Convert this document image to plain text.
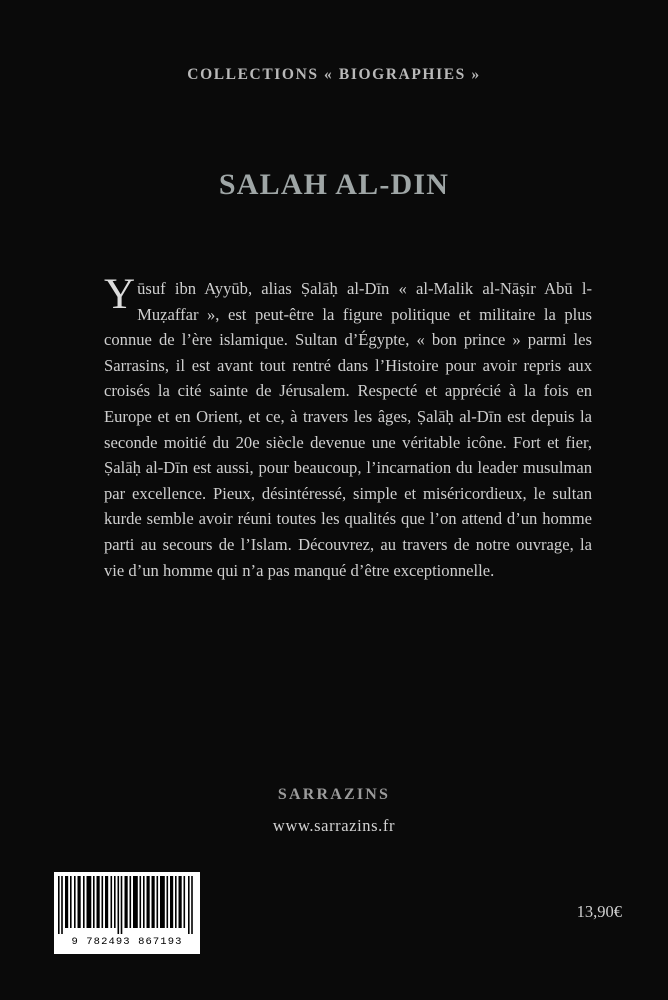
COLLECTIONS « BIOGRAPHIES »
SALAH AL-DIN
Yūsuf ibn Ayyūb, alias Ṣalāḥ al-Dīn « al-Malik al-Nāṣir Abū l-Muẓaffar », est peut-être la figure politique et militaire la plus connue de l’ère islamique. Sultan d’Égypte, « bon prince » parmi les Sarrasins, il est avant tout rentré dans l’Histoire pour avoir repris aux croisés la cité sainte de Jérusalem. Respecté et apprécié à la fois en Europe et en Orient, et ce, à travers les âges, Ṣalāḥ al-Dīn est depuis la seconde moitié du 20e siècle devenue une véritable icône. Fort et fier, Ṣalāḥ al-Dīn est aussi, pour beaucoup, l’incarnation du leader musulman par excellence. Pieux, désintéressé, simple et miséricordieux, le sultan kurde semble avoir réuni toutes les qualités que l’on attend d’un homme parti au secours de l’Islam. Découvrez, au travers de notre ouvrage, la vie d’un homme qui n’a pas manqué d’être exceptionnelle.
SARRAZINS
www.sarrazins.fr
13,90€
9 782493 867193
